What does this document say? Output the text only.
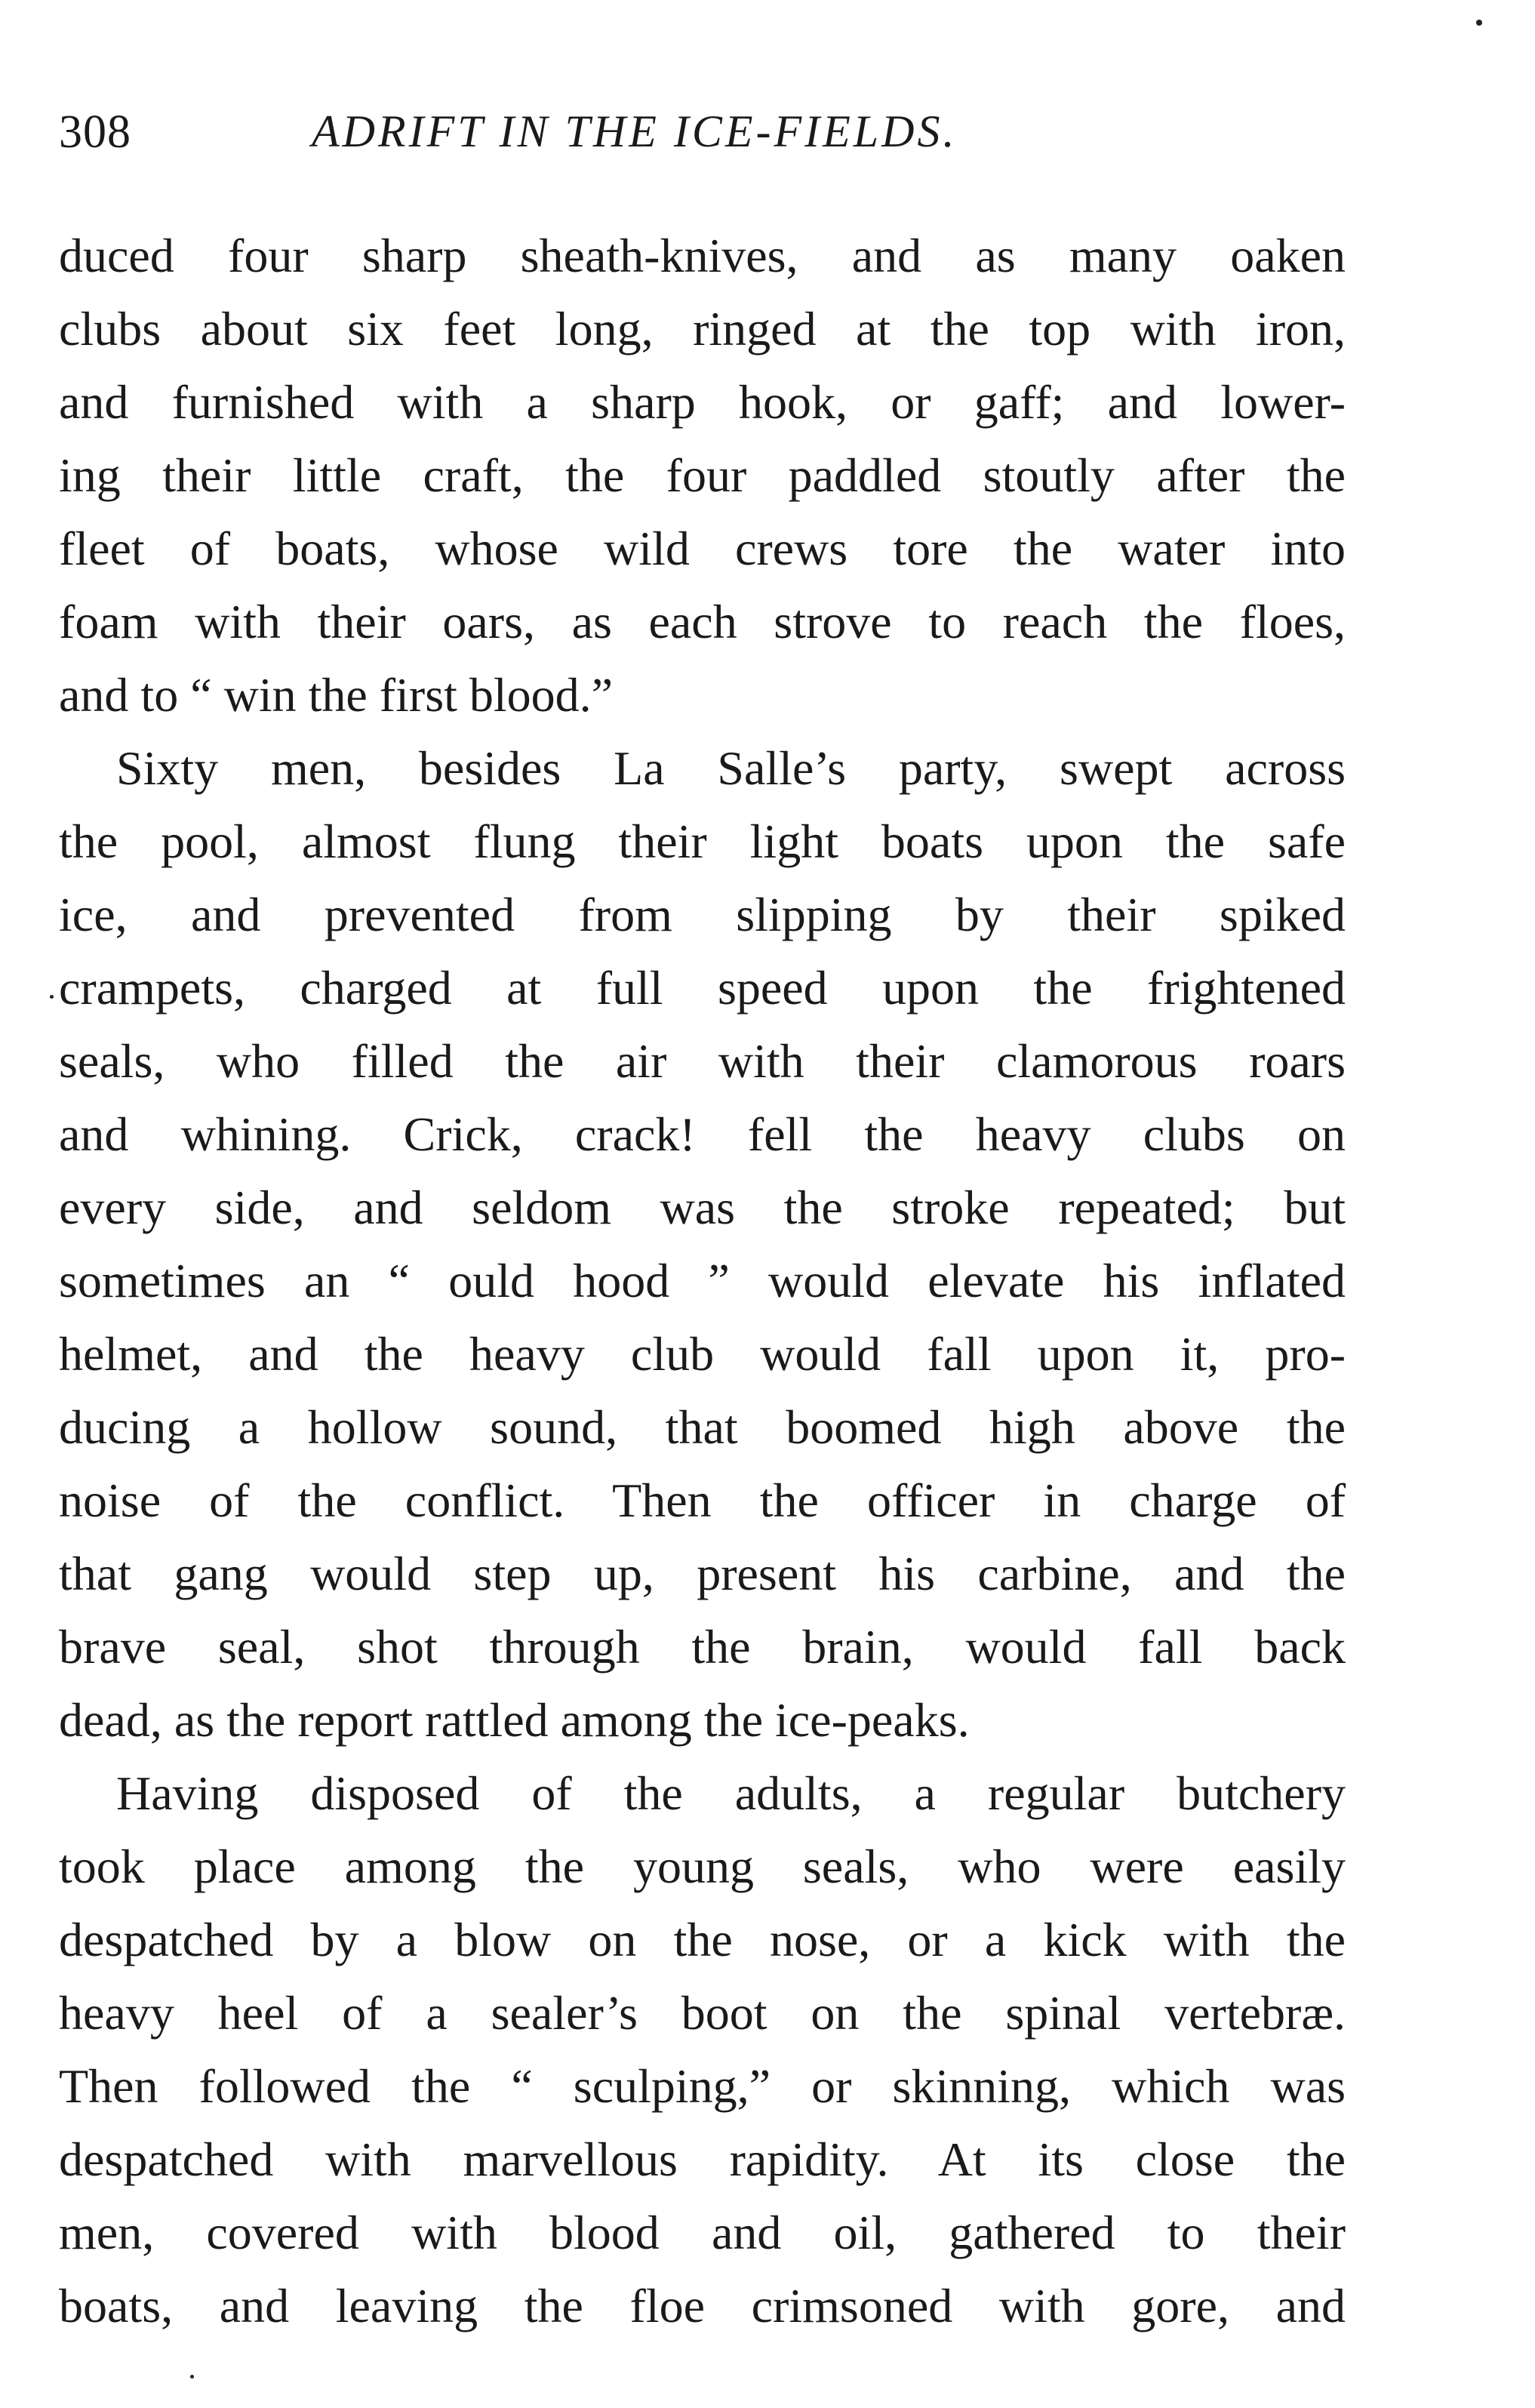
308	ADRIFT IN THE ICE-FIELDS.
duced four sharp sheath-knives, and as many oaken
clubs about six feet long, ringed at the top with iron,
and furnished with a sharp hook, or gaff; and lower-
ing their little craft, the four paddled stoutly after the
fleet of boats, whose wild crews tore the water into
foam with their oars, as each strove to reach the floes,
and to “ win the first blood.”
Sixty men, besides La Salle’s party, swept across
the pool, almost flung their light boats upon the safe
ice, and prevented from slipping by their spiked
crampets, charged at full speed upon the frightened
seals, who filled the air with their clamorous roars
and whining. Crick, crack! fell the heavy clubs on
every side, and seldom was the stroke repeated; but
sometimes an “ ould hood ” would elevate his inflated
helmet, and the heavy club would fall upon it, pro-
ducing a hollow sound, that boomed high above the
noise of the conflict. Then the officer in charge of
that gang would step up, present his carbine, and the
brave seal, shot through the brain, would fall back
dead, as the report rattled among the ice-peaks.
Having disposed of the adults, a regular butchery
took place among the young seals, who were easily
despatched by a blow on the nose, or a kick with the
heavy heel of a sealer’s boot on the spinal vertebræ.
Then followed the “ sculping,” or skinning, which was
despatched with marvellous rapidity. At its close the
men, covered with blood and oil, gathered to their
boats, and leaving the floe crimsoned with gore, and
